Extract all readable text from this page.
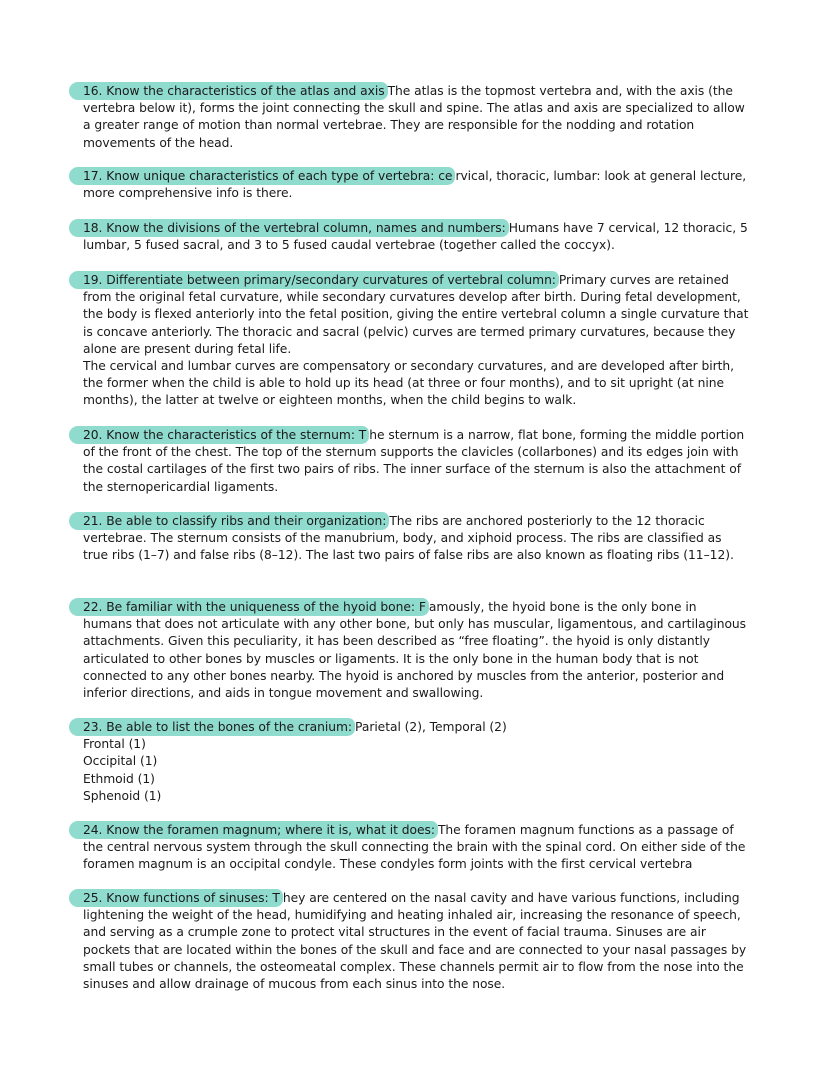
16. Know the characteristics of the atlas and axis The atlas is the topmost vertebra and, with the axis (the vertebra below it), forms the joint connecting the skull and spine. The atlas and axis are specialized to allow a greater range of motion than normal vertebrae. They are responsible for the nodding and rotation movements of the head.

17. Know unique characteristics of each type of vertebra: ce rvical, thoracic, lumbar: look at general lecture, more comprehensive info is there.

18. Know the divisions of the vertebral column, names and numbers: Humans have 7 cervical, 12 thoracic, 5 lumbar, 5 fused sacral, and 3 to 5 fused caudal vertebrae (together called the coccyx).

19. Differentiate between primary/secondary curvatures of vertebral column: Primary curves are retained from the original fetal curvature, while secondary curvatures develop after birth. During fetal development, the body is flexed anteriorly into the fetal position, giving the entire vertebral column a single curvature that is concave anteriorly. The thoracic and sacral (pelvic) curves are termed primary curvatures, because they alone are present during fetal life.

The cervical and lumbar curves are compensatory or secondary curvatures, and are developed after birth, the former when the child is able to hold up its head (at three or four months), and to sit upright (at nine months), the latter at twelve or eighteen months, when the child begins to walk.

20. Know the characteristics of the sternum: T he sternum is a narrow, flat bone, forming the middle portion of the front of the chest. The top of the sternum supports the clavicles (collarbones) and its edges join with the costal cartilages of the first two pairs of ribs. The inner surface of the sternum is also the attachment of the sternopericardial ligaments.

21. Be able to classify ribs and their organization: The ribs are anchored posteriorly to the 12 thoracic vertebrae. The sternum consists of the manubrium, body, and xiphoid process. The ribs are classified as true ribs (1–7) and false ribs (8–12). The last two pairs of false ribs are also known as floating ribs (11–12).

22. Be familiar with the uniqueness of the hyoid bone: F amously, the hyoid bone is the only bone in humans that does not articulate with any other bone, but only has muscular, ligamentous, and cartilaginous attachments. Given this peculiarity, it has been described as “free floating”. the hyoid is only distantly articulated to other bones by muscles or ligaments. It is the only bone in the human body that is not connected to any other bones nearby. The hyoid is anchored by muscles from the anterior, posterior and inferior directions, and aids in tongue movement and swallowing.

23. Be able to list the bones of the cranium: Parietal (2), Temporal (2)

Frontal (1)

Occipital (1)

Ethmoid (1)

Sphenoid (1)

24. Know the foramen magnum; where it is, what it does: The foramen magnum functions as a passage of the central nervous system through the skull connecting the brain with the spinal cord. On either side of the foramen magnum is an occipital condyle. These condyles form joints with the first cervical vertebra

25. Know functions of sinuses: T hey are centered on the nasal cavity and have various functions, including lightening the weight of the head, humidifying and heating inhaled air, increasing the resonance of speech, and serving as a crumple zone to protect vital structures in the event of facial trauma. Sinuses are air pockets that are located within the bones of the skull and face and are connected to your nasal passages by small tubes or channels, the osteomeatal complex. These channels permit air to flow from the nose into the sinuses and allow drainage of mucous from each sinus into the nose.
